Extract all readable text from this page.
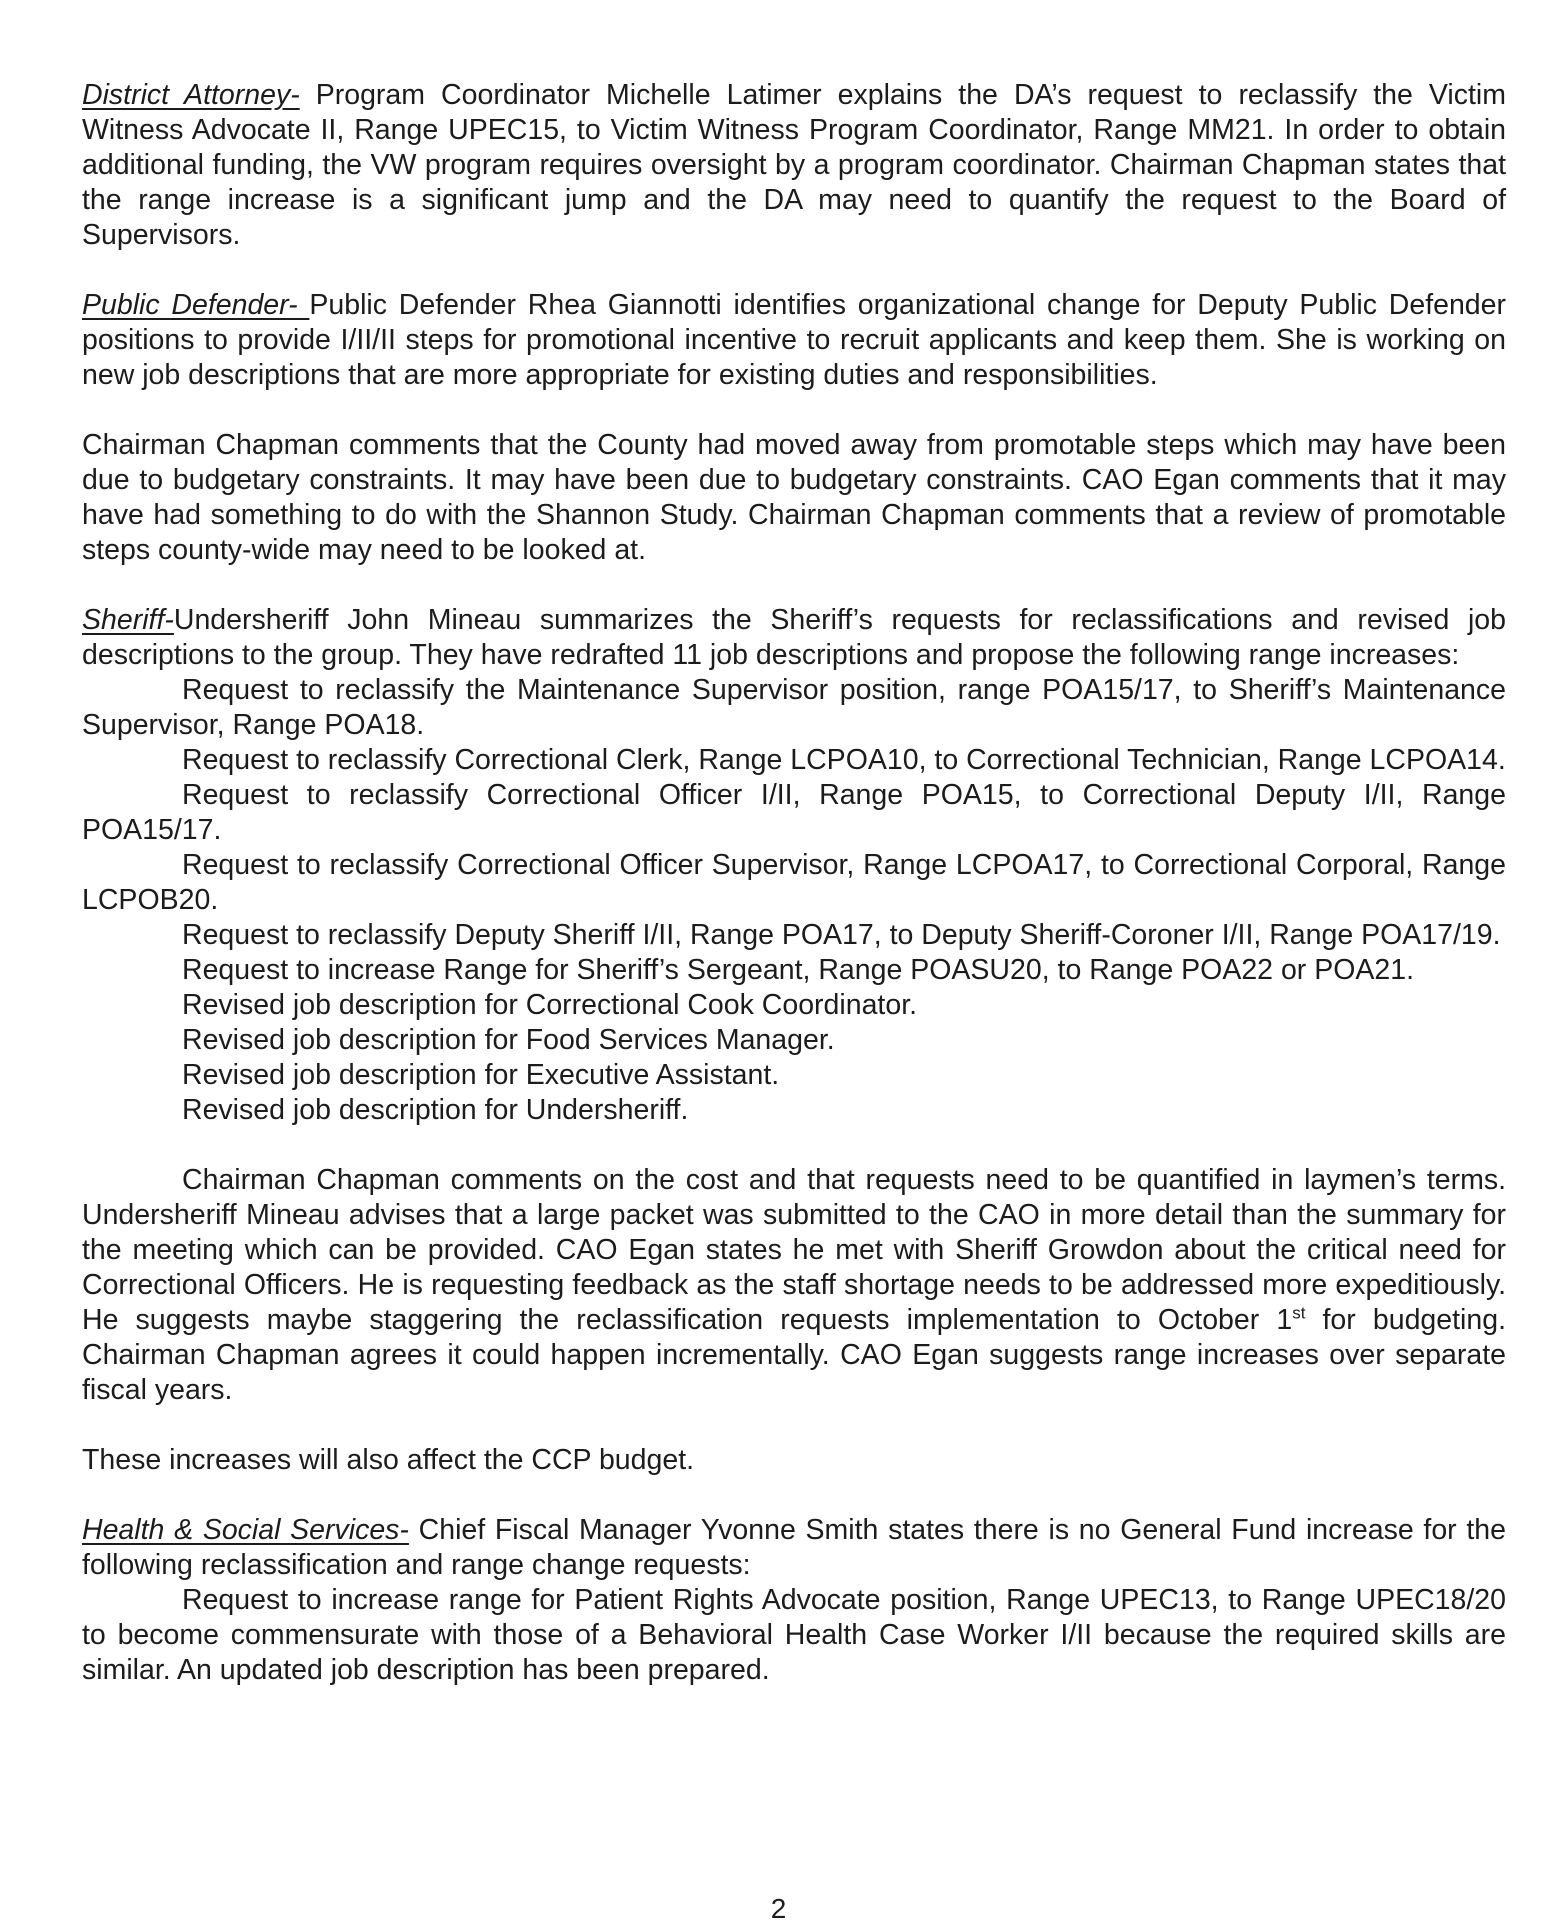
District Attorney- Program Coordinator Michelle Latimer explains the DA’s request to reclassify the Victim Witness Advocate II, Range UPEC15, to Victim Witness Program Coordinator, Range MM21. In order to obtain additional funding, the VW program requires oversight by a program coordinator. Chairman Chapman states that the range increase is a significant jump and the DA may need to quantify the request to the Board of Supervisors.

Public Defender- Public Defender Rhea Giannotti identifies organizational change for Deputy Public Defender positions to provide I/II/II steps for promotional incentive to recruit applicants and keep them. She is working on new job descriptions that are more appropriate for existing duties and responsibilities.

Chairman Chapman comments that the County had moved away from promotable steps which may have been due to budgetary constraints. It may have been due to budgetary constraints. CAO Egan comments that it may have had something to do with the Shannon Study. Chairman Chapman comments that a review of promotable steps county-wide may need to be looked at.

Sheriff-Undersheriff John Mineau summarizes the Sheriff’s requests for reclassifications and revised job descriptions to the group. They have redrafted 11 job descriptions and propose the following range increases:

Request to reclassify the Maintenance Supervisor position, range POA15/17, to Sheriff’s Maintenance Supervisor, Range POA18.

Request to reclassify Correctional Clerk, Range LCPOA10, to Correctional Technician, Range LCPOA14.

Request to reclassify Correctional Officer I/II, Range POA15, to Correctional Deputy I/II, Range POA15/17.

Request to reclassify Correctional Officer Supervisor, Range LCPOA17, to Correctional Corporal, Range LCPOB20.

Request to reclassify Deputy Sheriff I/II, Range POA17, to Deputy Sheriff-Coroner I/II, Range POA17/19.

Request to increase Range for Sheriff’s Sergeant, Range POASU20, to Range POA22 or POA21.

Revised job description for Correctional Cook Coordinator.

Revised job description for Food Services Manager.

Revised job description for Executive Assistant.

Revised job description for Undersheriff.

Chairman Chapman comments on the cost and that requests need to be quantified in laymen’s terms. Undersheriff Mineau advises that a large packet was submitted to the CAO in more detail than the summary for the meeting which can be provided. CAO Egan states he met with Sheriff Growdon about the critical need for Correctional Officers. He is requesting feedback as the staff shortage needs to be addressed more expeditiously. He suggests maybe staggering the reclassification requests implementation to October 1st for budgeting. Chairman Chapman agrees it could happen incrementally. CAO Egan suggests range increases over separate fiscal years.

These increases will also affect the CCP budget.

Health & Social Services- Chief Fiscal Manager Yvonne Smith states there is no General Fund increase for the following reclassification and range change requests:

Request to increase range for Patient Rights Advocate position, Range UPEC13, to Range UPEC18/20 to become commensurate with those of a Behavioral Health Case Worker I/II because the required skills are similar. An updated job description has been prepared.

2
